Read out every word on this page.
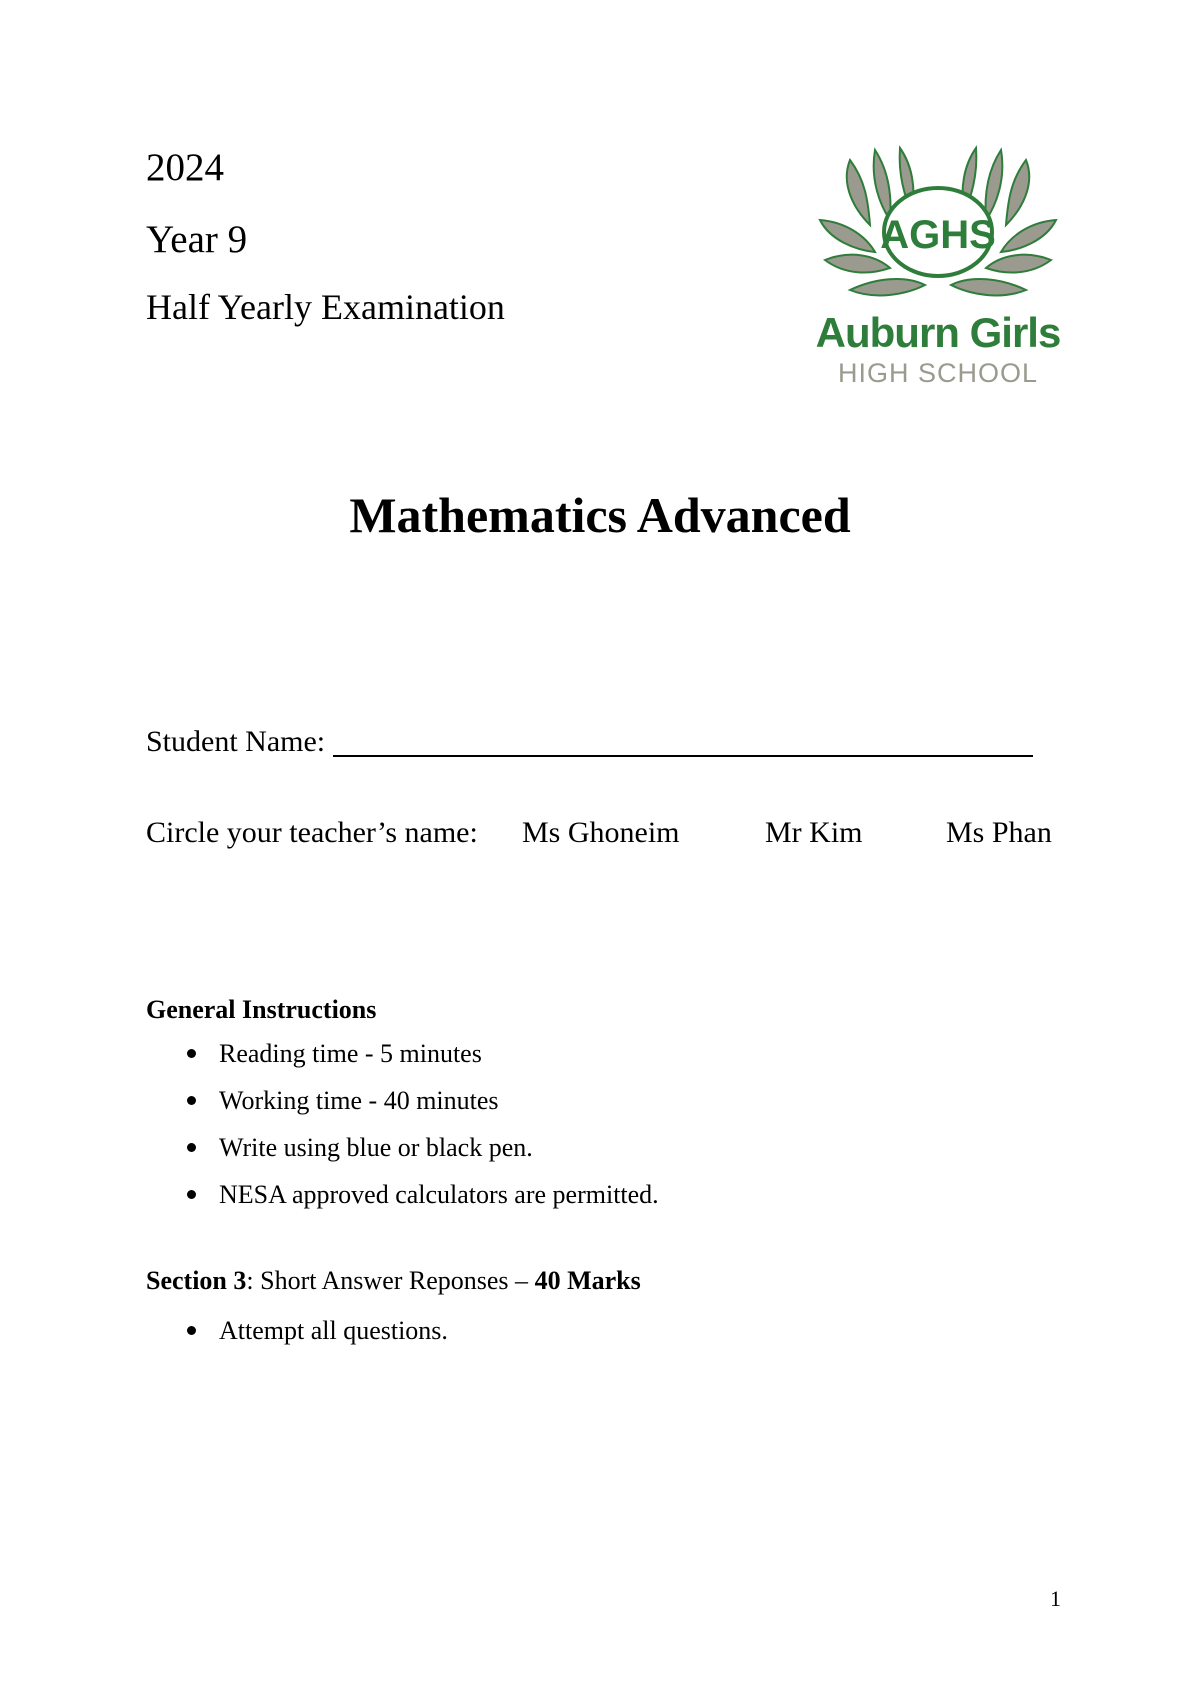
2024
Year 9
Half Yearly Examination
AGHS
Auburn Girls
HIGH SCHOOL
Mathematics Advanced
Student Name:
Circle your teacher’s name: Ms Ghoneim	Mr Kim	Ms Phan
General Instructions
Reading time - 5 minutes
Working time - 40 minutes
Write using blue or black pen.
NESA approved calculators are permitted.
Section 3: Short Answer Reponses – 40 Marks
Attempt all questions.
1
